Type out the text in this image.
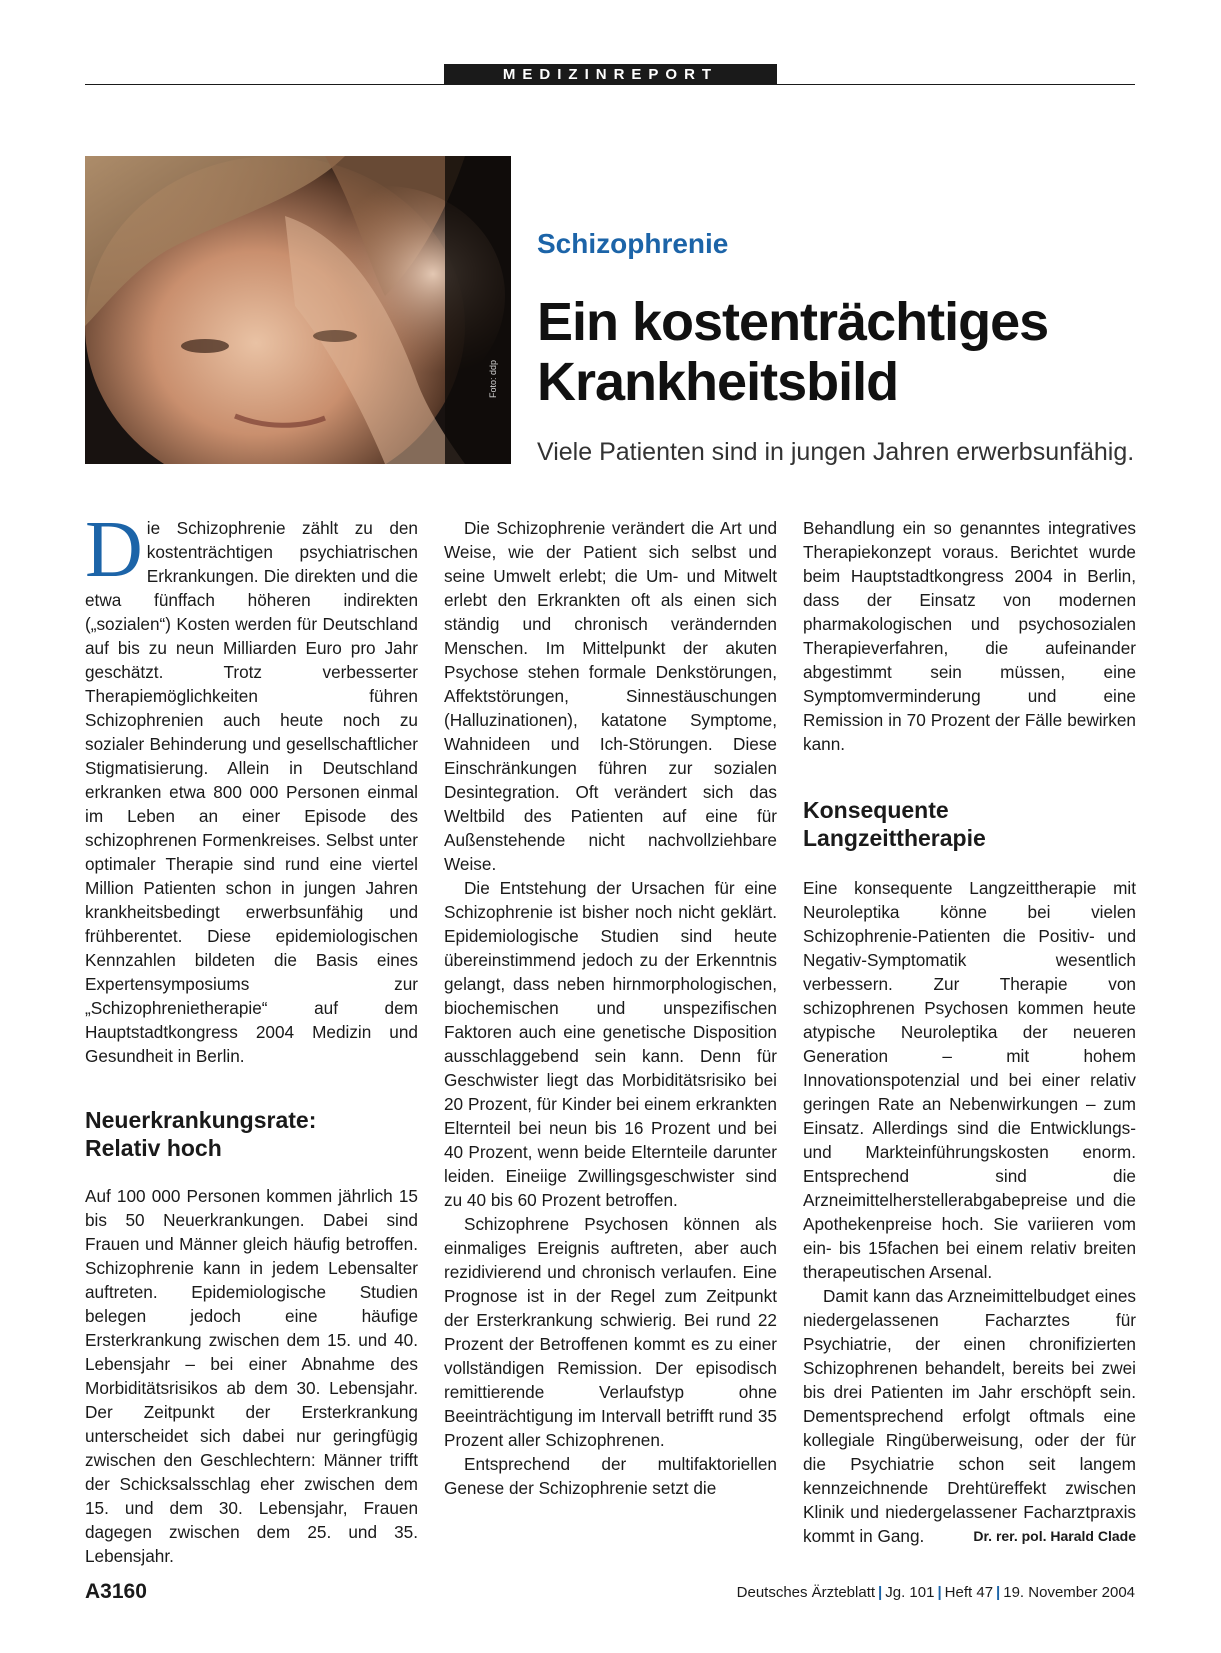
MEDIZINREPORT
Foto: ddp
Schizophrenie
Ein kostenträchtiges
Krankheitsbild
Viele Patienten sind in jungen Jahren erwerbsunfähig.

Die Schizophrenie zählt zu den kostenträchtigen psychiatrischen Erkrankungen. Die direkten und die etwa fünffach höheren indirekten („sozialen“) Kosten werden für Deutschland auf bis zu neun Milliarden Euro pro Jahr geschätzt. Trotz verbesserter Therapiemöglichkeiten führen Schizophrenien auch heute noch zu sozialer Behinderung und gesellschaftlicher Stigmatisierung. Allein in Deutschland erkranken etwa 800 000 Personen einmal im Leben an einer Episode des schizophrenen Formenkreises. Selbst unter optimaler Therapie sind rund eine viertel Million Patienten schon in jungen Jahren krankheitsbedingt erwerbsunfähig und frühberentet. Diese epidemiologischen Kennzahlen bildeten die Basis eines Expertensymposiums zur „Schizophrenietherapie“ auf dem Hauptstadtkongress 2004 Medizin und Gesundheit in Berlin.

Neuerkrankungsrate:
Relativ hoch

Auf 100 000 Personen kommen jährlich 15 bis 50 Neuerkrankungen. Dabei sind Frauen und Männer gleich häufig betroffen. Schizophrenie kann in jedem Lebensalter auftreten. Epidemiologische Studien belegen jedoch eine häufige Ersterkrankung zwischen dem 15. und 40. Lebensjahr – bei einer Abnahme des Morbiditätsrisikos ab dem 30. Lebensjahr. Der Zeitpunkt der Ersterkrankung unterscheidet sich dabei nur geringfügig zwischen den Geschlechtern: Männer trifft der Schicksalsschlag eher zwischen dem 15. und dem 30. Lebensjahr, Frauen dagegen zwischen dem 25. und 35. Lebensjahr.

Die Schizophrenie verändert die Art und Weise, wie der Patient sich selbst und seine Umwelt erlebt; die Um- und Mitwelt erlebt den Erkrankten oft als einen sich ständig und chronisch verändernden Menschen. Im Mittelpunkt der akuten Psychose stehen formale Denkstörungen, Affektstörungen, Sinnestäuschungen (Halluzinationen), katatone Symptome, Wahnideen und Ich-Störungen. Diese Einschränkungen führen zur sozialen Desintegration. Oft verändert sich das Weltbild des Patienten auf eine für Außenstehende nicht nachvollziehbare Weise.

Die Entstehung der Ursachen für eine Schizophrenie ist bisher noch nicht geklärt. Epidemiologische Studien sind heute übereinstimmend jedoch zu der Erkenntnis gelangt, dass neben hirnmorphologischen, biochemischen und unspezifischen Faktoren auch eine genetische Disposition ausschlaggebend sein kann. Denn für Geschwister liegt das Morbiditätsrisiko bei 20 Prozent, für Kinder bei einem erkrankten Elternteil bei neun bis 16 Prozent und bei 40 Prozent, wenn beide Elternteile darunter leiden. Eineiige Zwillingsgeschwister sind zu 40 bis 60 Prozent betroffen.

Schizophrene Psychosen können als einmaliges Ereignis auftreten, aber auch rezidivierend und chronisch verlaufen. Eine Prognose ist in der Regel zum Zeitpunkt der Ersterkrankung schwierig. Bei rund 22 Prozent der Betroffenen kommt es zu einer vollständigen Remission. Der episodisch remittierende Verlaufstyp ohne Beeinträchtigung im Intervall betrifft rund 35 Prozent aller Schizophrenen.

Entsprechend der multifaktoriellen Genese der Schizophrenie setzt die

Behandlung ein so genanntes integratives Therapiekonzept voraus. Berichtet wurde beim Hauptstadtkongress 2004 in Berlin, dass der Einsatz von modernen pharmakologischen und psychosozialen Therapieverfahren, die aufeinander abgestimmt sein müssen, eine Symptomverminderung und eine Remission in 70 Prozent der Fälle bewirken kann.

Konsequente Langzeittherapie

Eine konsequente Langzeittherapie mit Neuroleptika könne bei vielen Schizophrenie-Patienten die Positiv- und Negativ-Symptomatik wesentlich verbessern. Zur Therapie von schizophrenen Psychosen kommen heute atypische Neuroleptika der neueren Generation – mit hohem Innovationspotenzial und bei einer relativ geringen Rate an Nebenwirkungen – zum Einsatz. Allerdings sind die Entwicklungs- und Markteinführungskosten enorm. Entsprechend sind die Arzneimittelherstellerabgabepreise und die Apothekenpreise hoch. Sie variieren vom ein- bis 15fachen bei einem relativ breiten therapeutischen Arsenal.

Damit kann das Arzneimittelbudget eines niedergelassenen Facharztes für Psychiatrie, der einen chronifizierten Schizophrenen behandelt, bereits bei zwei bis drei Patienten im Jahr erschöpft sein. Dementsprechend erfolgt oftmals eine kollegiale Ringüberweisung, oder der für die Psychiatrie schon seit langem kennzeichnende Drehtüreffekt zwischen Klinik und niedergelassener Facharztpraxis kommt in Gang.	Dr. rer. pol. Harald Clade

A3160	Deutsches Ärzteblatt | Jg. 101 | Heft 47 | 19. November 2004
